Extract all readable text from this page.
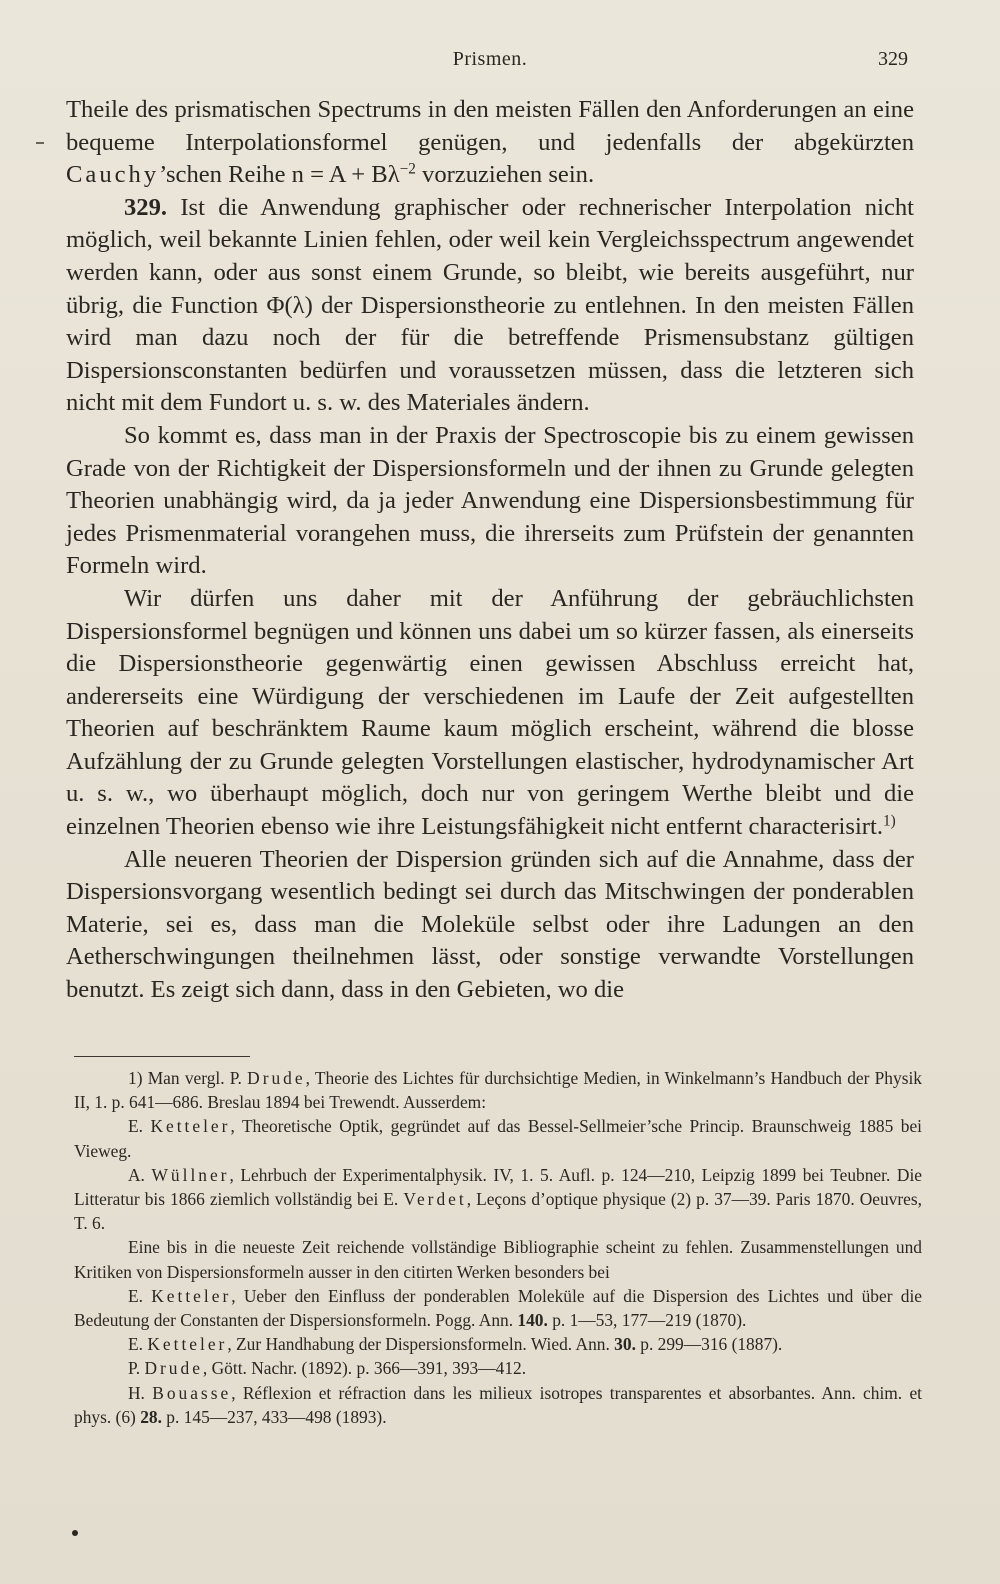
Prismen.	329

Theile des prismatischen Spectrums in den meisten Fällen den Anforderungen an eine bequeme Interpolationsformel genügen, und jedenfalls der abgekürzten Cauchy’schen Reihe $n = A + B\lambda^{-2}$ vorzuziehen sein.

329. Ist die Anwendung graphischer oder rechnerischer Interpolation nicht möglich, weil bekannte Linien fehlen, oder weil kein Vergleichsspectrum angewendet werden kann, oder aus sonst einem Grunde, so bleibt, wie bereits ausgeführt, nur übrig, die Function Φ(λ) der Dispersionstheorie zu entlehnen. In den meisten Fällen wird man dazu noch der für die betreffende Prismensubstanz gültigen Dispersionsconstanten bedürfen und voraussetzen müssen, dass die letzteren sich nicht mit dem Fundort u. s. w. des Materiales ändern.

So kommt es, dass man in der Praxis der Spectroscopie bis zu einem gewissen Grade von der Richtigkeit der Dispersionsformeln und der ihnen zu Grunde gelegten Theorien unabhängig wird, da ja jeder Anwendung eine Dispersionsbestimmung für jedes Prismenmaterial vorangehen muss, die ihrerseits zum Prüfstein der genannten Formeln wird.

Wir dürfen uns daher mit der Anführung der gebräuchlichsten Dispersionsformel begnügen und können uns dabei um so kürzer fassen, als einerseits die Dispersionstheorie gegenwärtig einen gewissen Abschluss erreicht hat, andererseits eine Würdigung der verschiedenen im Laufe der Zeit aufgestellten Theorien auf beschränktem Raume kaum möglich erscheint, während die blosse Aufzählung der zu Grunde gelegten Vorstellungen elastischer, hydrodynamischer Art u. s. w., wo überhaupt möglich, doch nur von geringem Werthe bleibt und die einzelnen Theorien ebenso wie ihre Leistungsfähigkeit nicht entfernt characterisirt.$^{1)}$

Alle neueren Theorien der Dispersion gründen sich auf die Annahme, dass der Dispersionsvorgang wesentlich bedingt sei durch das Mitschwingen der ponderablen Materie, sei es, dass man die Moleküle selbst oder ihre Ladungen an den Aetherschwingungen theilnehmen lässt, oder sonstige verwandte Vorstellungen benutzt. Es zeigt sich dann, dass in den Gebieten, wo die

1) Man vergl. P. Drude, Theorie des Lichtes für durchsichtige Medien, in Winkelmann’s Handbuch der Physik II, 1. p. 641—686. Breslau 1894 bei Trewendt. Ausserdem:

E. Ketteler, Theoretische Optik, gegründet auf das Bessel-Sellmeier’sche Princip. Braunschweig 1885 bei Vieweg.

A. Wüllner, Lehrbuch der Experimentalphysik. IV, 1. 5. Aufl. p. 124—210, Leipzig 1899 bei Teubner. Die Litteratur bis 1866 ziemlich vollständig bei E. Verdet, Leçons d’optique physique (2) p. 37—39. Paris 1870. Oeuvres, T. 6.

Eine bis in die neueste Zeit reichende vollständige Bibliographie scheint zu fehlen. Zusammenstellungen und Kritiken von Dispersionsformeln ausser in den citirten Werken besonders bei

E. Ketteler, Ueber den Einfluss der ponderablen Moleküle auf die Dispersion des Lichtes und über die Bedeutung der Constanten der Dispersionsformeln. Pogg. Ann. 140. p. 1—53, 177—219 (1870).

E. Ketteler, Zur Handhabung der Dispersionsformeln. Wied. Ann. 30. p. 299—316 (1887).

P. Drude, Gött. Nachr. (1892). p. 366—391, 393—412.

H. Bouasse, Réflexion et réfraction dans les milieux isotropes transparentes et absorbantes. Ann. chim. et phys. (6) 28. p. 145—237, 433—498 (1893).
